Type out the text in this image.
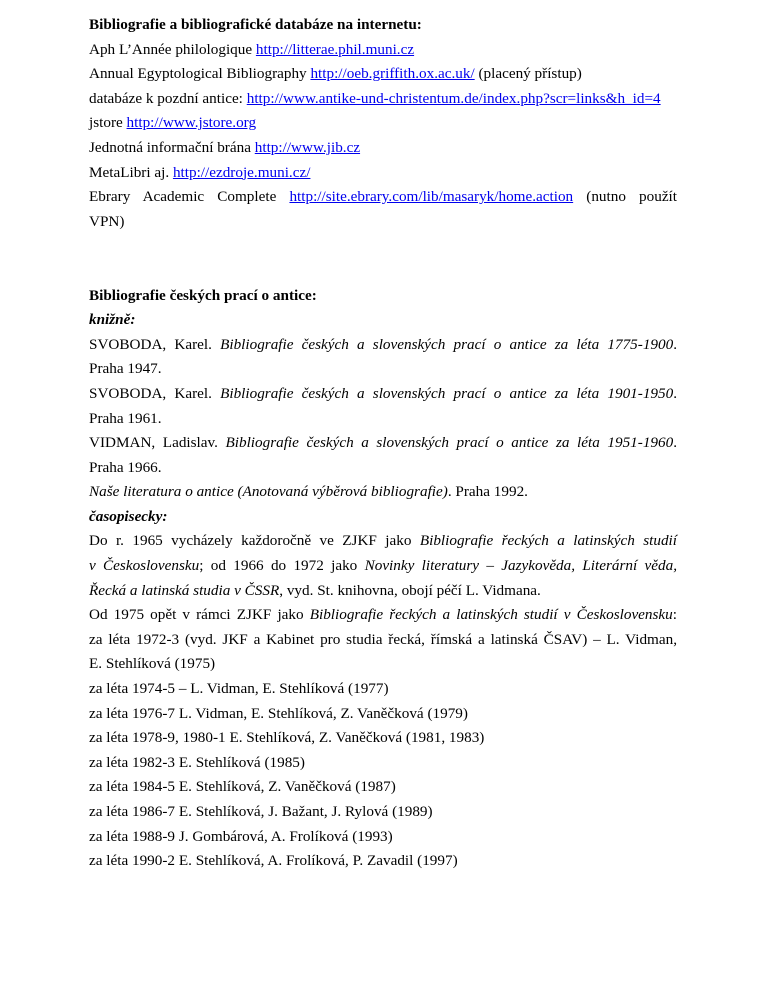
Bibliografie a bibliografické databáze na internetu:
Aph L’Année philologique http://litterae.phil.muni.cz
Annual Egyptological Bibliography http://oeb.griffith.ox.ac.uk/ (placený přístup)
databáze k pozdní antice: http://www.antike-und-christentum.de/index.php?scr=links&h_id=4
jstore http://www.jstore.org
Jednotná informační brána http://www.jib.cz
MetaLibri aj. http://ezdroje.muni.cz/
Ebrary Academic Complete http://site.ebrary.com/lib/masaryk/home.action (nutno použít
VPN)
Bibliografie českých prací o antice:
knižně:
SVOBODA, Karel. Bibliografie českých a slovenských prací o antice za léta 1775-1900.
Praha 1947.
SVOBODA, Karel. Bibliografie českých a slovenských prací o antice za léta 1901-1950.
Praha 1961.
VIDMAN, Ladislav. Bibliografie českých a slovenských prací o antice za léta 1951-1960.
Praha 1966.
Naše literatura o antice (Anotovaná výběrová bibliografie). Praha 1992.
časopisecky:
Do r. 1965 vycházely každoročně ve ZJKF jako Bibliografie řeckých a latinských studií
v Československu; od 1966 do 1972 jako Novinky literatury – Jazykověda, Literární věda,
Řecká a latinská studia v ČSSR, vyd. St. knihovna, obojí péčí L. Vidmana.
Od 1975 opět v rámci ZJKF jako Bibliografie řeckých a latinských studií v Československu:
za léta 1972-3 (vyd. JKF a Kabinet pro studia řecká, římská a latinská ČSAV) – L. Vidman,
E. Stehlíková (1975)
za léta 1974-5 – L. Vidman, E. Stehlíková (1977)
za léta 1976-7 L. Vidman, E. Stehlíková, Z. Vaněčková (1979)
za léta 1978-9, 1980-1 E. Stehlíková, Z. Vaněčková (1981, 1983)
za léta 1982-3 E. Stehlíková (1985)
za léta 1984-5 E. Stehlíková, Z. Vaněčková (1987)
za léta 1986-7 E. Stehlíková, J. Bažant, J. Rylová (1989)
za léta 1988-9 J. Gombárová, A. Frolíková (1993)
za léta 1990-2 E. Stehlíková, A. Frolíková, P. Zavadil (1997)
